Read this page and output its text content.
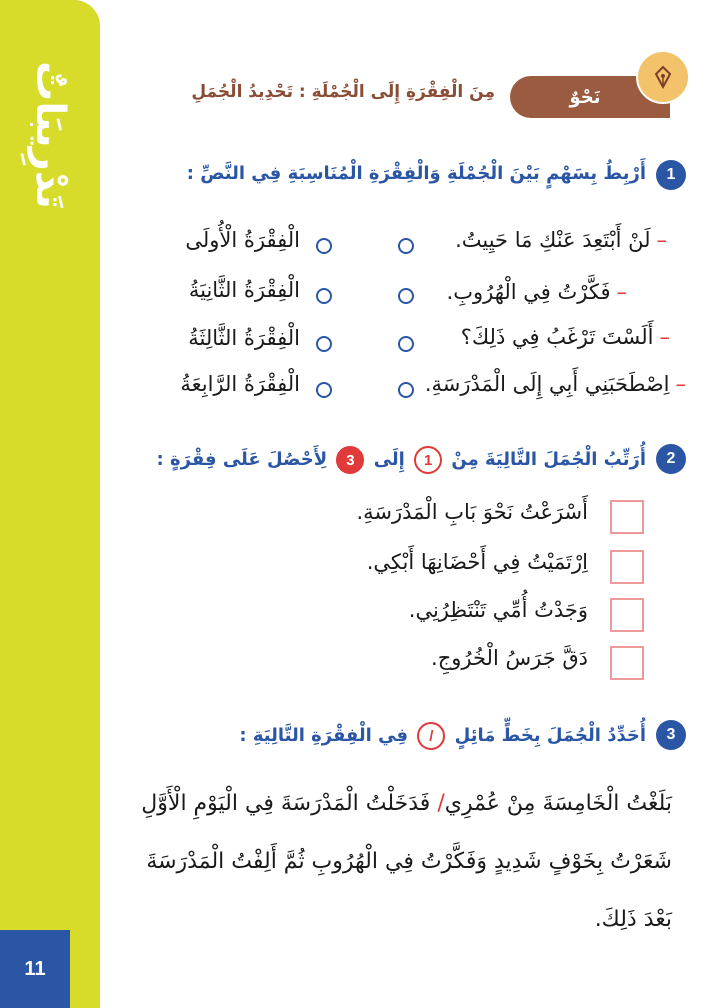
تَدْرِيبَاتٌ
11
نَحْوٌ
مِنَ الْفِقْرَةِ إِلَى الْجُمْلَةِ : تَحْدِيدُ الْجُمَلِ
1
أَرْبِطُ بِسَهْمٍ بَيْنَ الْجُمْلَةِ وَالْفِقْرَةِ الْمُنَاسِبَةِ فِي النَّصِّ :
–لَنْ أَبْتَعِدَ عَنْكِ مَا حَيِيتُ.
–فَكَّرْتُ فِي الْهُرُوبِ.
–أَلَسْتَ تَرْغَبُ فِي ذَلِكَ؟
–اِصْطَحَبَنِي أَبِي إِلَى الْمَدْرَسَةِ.
الْفِقْرَةُ الْأُولَى
الْفِقْرَةُ الثَّانِيَةُ
الْفِقْرَةُ الثَّالِثَةُ
الْفِقْرَةُ الرَّابِعَةُ
2
أُرَتِّبُ الْجُمَلَ التَّالِيَةَ مِنْ 1 إِلَى 3 لِأَحْصُلَ عَلَى فِقْرَةٍ :
أَسْرَعْتُ نَحْوَ بَابِ الْمَدْرَسَةِ.
اِرْتَمَيْتُ فِي أَحْضَانِهَا أَبْكِي.
وَجَدْتُ أُمِّي تَنْتَظِرُنِي.
دَقَّ جَرَسُ الْخُرُوجِ.
3
أُحَدِّدُ الْجُمَلَ بِخَطٍّ مَائِلٍ / فِي الْفِقْرَةِ التَّالِيَةِ :
بَلَغْتُ الْخَامِسَةَ مِنْ عُمْرِي/ فَدَخَلْتُ الْمَدْرَسَةَ فِي الْيَوْمِ الْأَوَّلِ شَعَرْتُ بِخَوْفٍ شَدِيدٍ وَفَكَّرْتُ فِي الْهُرُوبِ ثُمَّ أَلِفْتُ الْمَدْرَسَةَ بَعْدَ ذَلِكَ.
